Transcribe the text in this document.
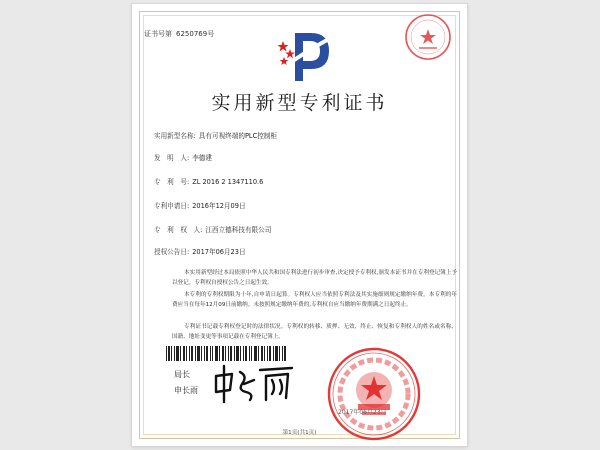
证书号第 6250769号
实用新型专利证书
实用新型名称: 具有可视终端的PLC控制柜
发　明　人: 李德建
专　利　号: ZL 2016 2 1347110.6
专利申请日: 2016年12月09日
专　利　权　人: 江西立德科技有限公司
授权公告日: 2017年06月23日
本实用新型经过本局依照中华人民共和国专利法进行初步审查,决定授予专利权,颁发本证书并在专利登记簿上予以登记。专利权自授权公告之日起生效。
本专利的专利权期限为十年,自申请日起算。专利权人应当依照专利法及其实施细则规定缴纳年费。本专利的年费应当在每年12月09日前缴纳。未按照规定缴纳年费的,专利权自应当缴纳年费期满之日起终止。
专利证书记载专利权登记时的法律状况。专利权的转移、质押、无效、终止、恢复和专利权人的姓名或名称、国籍、地址变更等事项记载在专利登记簿上。
局长
申长雨
2017年06月23日
第1页(共1页)
